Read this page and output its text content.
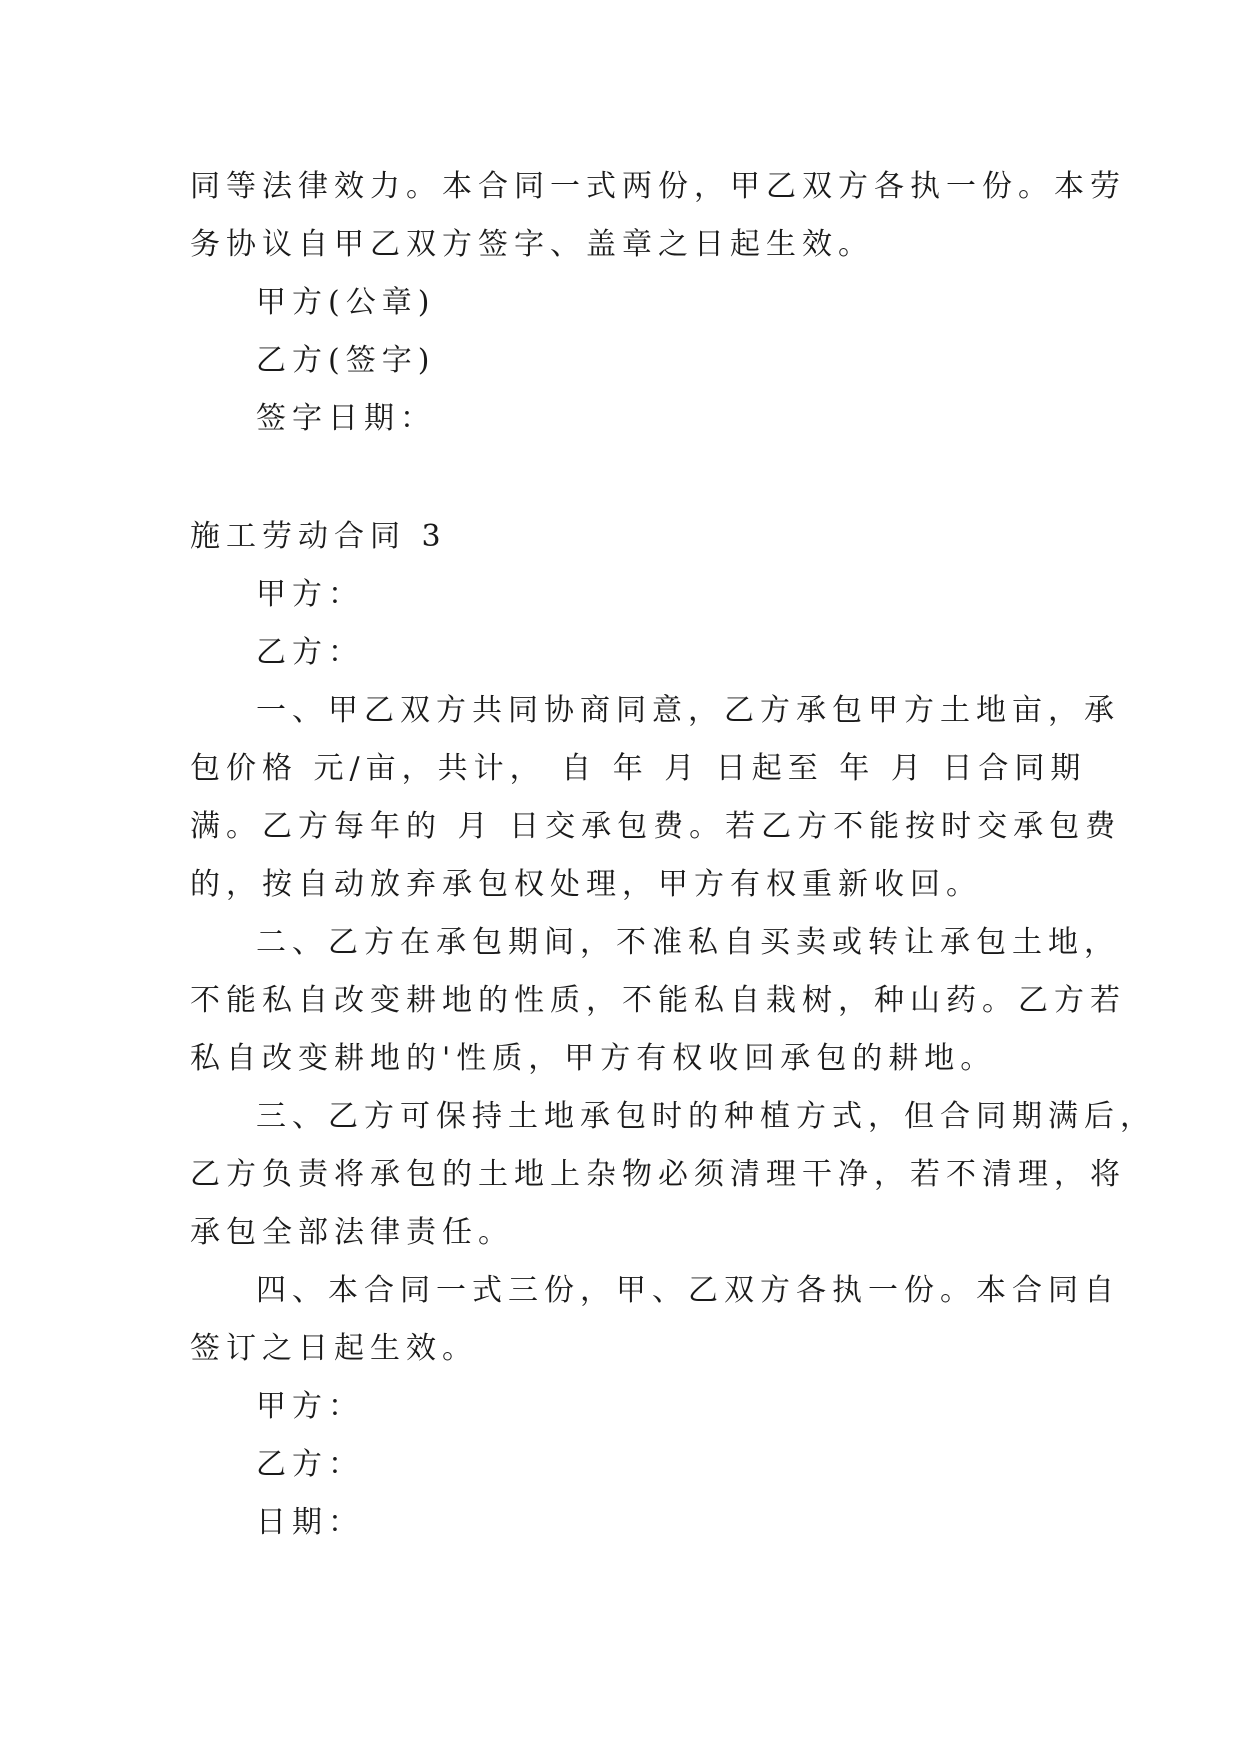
同等法律效力。本合同一式两份，甲乙双方各执一份。本劳
务协议自甲乙双方签字、盖章之日起生效。
甲方(公章)
乙方(签字)
签字日期：
施工劳动合同 3
甲方：
乙方：
一、甲乙双方共同协商同意，乙方承包甲方土地亩，承
包价格 元/亩，共计， 自 年 月 日起至 年 月 日合同期
满。乙方每年的 月 日交承包费。若乙方不能按时交承包费
的，按自动放弃承包权处理，甲方有权重新收回。
二、乙方在承包期间，不准私自买卖或转让承包土地，
不能私自改变耕地的性质，不能私自栽树，种山药。乙方若
私自改变耕地的'性质，甲方有权收回承包的耕地。
三、乙方可保持土地承包时的种植方式，但合同期满后，
乙方负责将承包的土地上杂物必须清理干净，若不清理，将
承包全部法律责任。
四、本合同一式三份，甲、乙双方各执一份。本合同自
签订之日起生效。
甲方：
乙方：
日期：
